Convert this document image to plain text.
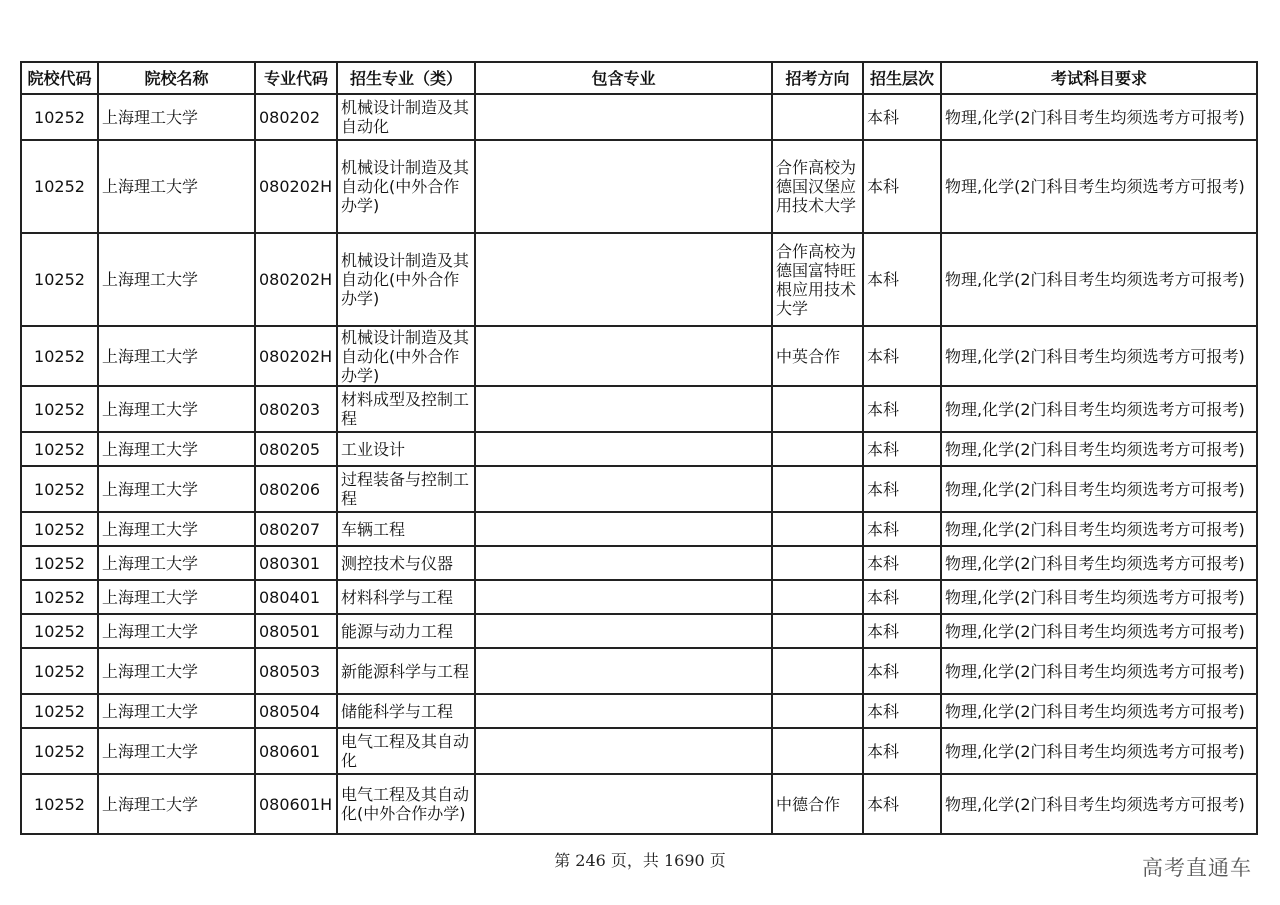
院校代码	院校名称	专业代码	招生专业（类）	包含专业	招考方向	招生层次	考试科目要求
10252	上海理工大学	080202	机械设计制造及其自动化			本科	物理,化学(2门科目考生均须选考方可报考)
10252	上海理工大学	080202H	机械设计制造及其自动化(中外合作办学)		合作高校为德国汉堡应用技术大学	本科	物理,化学(2门科目考生均须选考方可报考)
10252	上海理工大学	080202H	机械设计制造及其自动化(中外合作办学)		合作高校为德国富特旺根应用技术大学	本科	物理,化学(2门科目考生均须选考方可报考)
10252	上海理工大学	080202H	机械设计制造及其自动化(中外合作办学)		中英合作	本科	物理,化学(2门科目考生均须选考方可报考)
10252	上海理工大学	080203	材料成型及控制工程			本科	物理,化学(2门科目考生均须选考方可报考)
10252	上海理工大学	080205	工业设计			本科	物理,化学(2门科目考生均须选考方可报考)
10252	上海理工大学	080206	过程装备与控制工程			本科	物理,化学(2门科目考生均须选考方可报考)
10252	上海理工大学	080207	车辆工程			本科	物理,化学(2门科目考生均须选考方可报考)
10252	上海理工大学	080301	测控技术与仪器			本科	物理,化学(2门科目考生均须选考方可报考)
10252	上海理工大学	080401	材料科学与工程			本科	物理,化学(2门科目考生均须选考方可报考)
10252	上海理工大学	080501	能源与动力工程			本科	物理,化学(2门科目考生均须选考方可报考)
10252	上海理工大学	080503	新能源科学与工程			本科	物理,化学(2门科目考生均须选考方可报考)
10252	上海理工大学	080504	储能科学与工程			本科	物理,化学(2门科目考生均须选考方可报考)
10252	上海理工大学	080601	电气工程及其自动化			本科	物理,化学(2门科目考生均须选考方可报考)
10252	上海理工大学	080601H	电气工程及其自动化(中外合作办学)		中德合作	本科	物理,化学(2门科目考生均须选考方可报考)
第 246 页，共 1690 页	高考直通车
